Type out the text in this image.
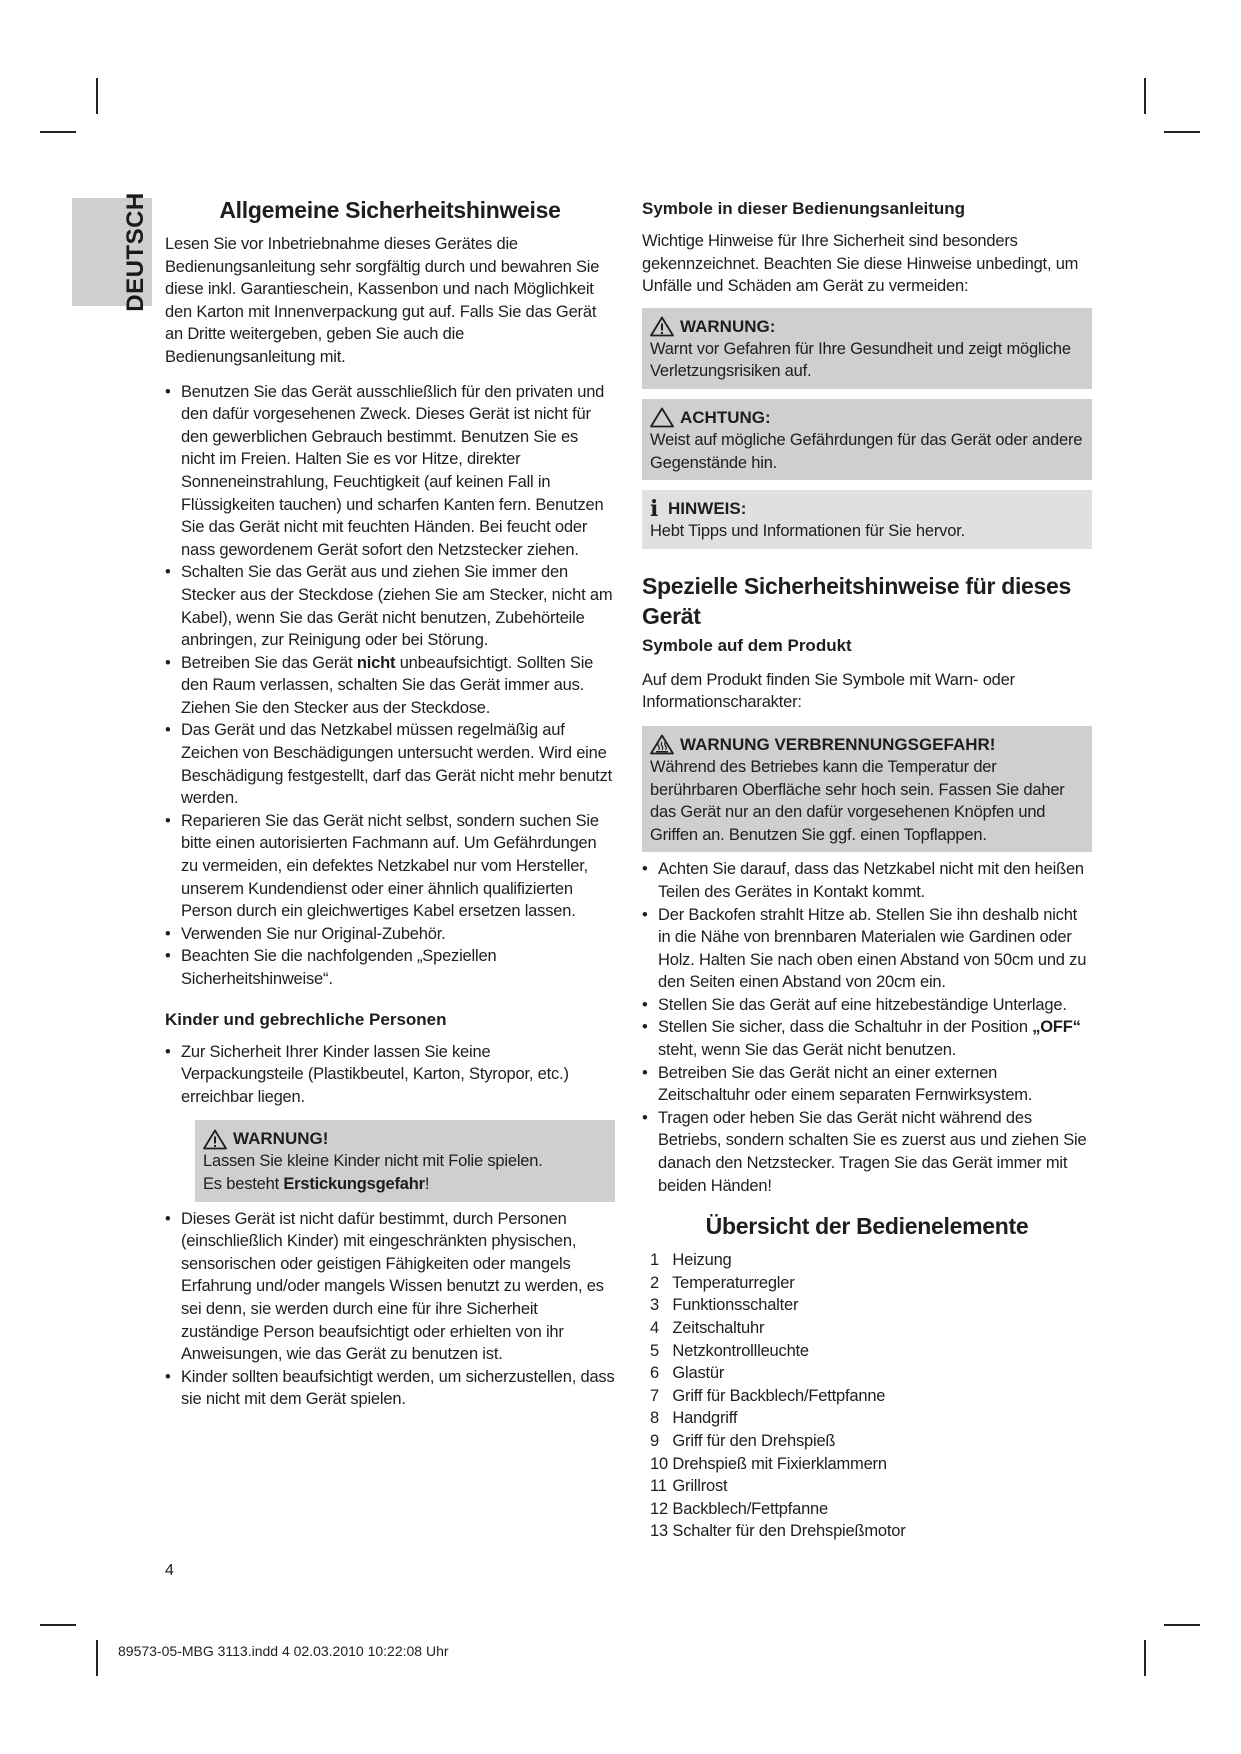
DEUTSCH	Allgemeine Sicherheitshinweise

Lesen Sie vor Inbetriebnahme dieses Gerätes die Bedienungsanleitung sehr sorgfältig durch und bewahren Sie diese inkl. Garantieschein, Kassenbon und nach Möglichkeit den Karton mit Innenverpackung gut auf. Falls Sie das Gerät an Dritte weitergeben, geben Sie auch die Bedienungsanleitung mit.

• Benutzen Sie das Gerät ausschließlich für den privaten und den dafür vorgesehenen Zweck. Dieses Gerät ist nicht für den gewerblichen Gebrauch bestimmt. Benutzen Sie es nicht im Freien. Halten Sie es vor Hitze, direkter Sonneneinstrahlung, Feuchtigkeit (auf keinen Fall in Flüssigkeiten tauchen) und scharfen Kanten fern. Benutzen Sie das Gerät nicht mit feuchten Händen. Bei feucht oder nass gewordenem Gerät sofort den Netzstecker ziehen.
• Schalten Sie das Gerät aus und ziehen Sie immer den Stecker aus der Steckdose (ziehen Sie am Stecker, nicht am Kabel), wenn Sie das Gerät nicht benutzen, Zubehörteile anbringen, zur Reinigung oder bei Störung.
• Betreiben Sie das Gerät nicht unbeaufsichtigt. Sollten Sie den Raum verlassen, schalten Sie das Gerät immer aus. Ziehen Sie den Stecker aus der Steckdose.
• Das Gerät und das Netzkabel müssen regelmäßig auf Zeichen von Beschädigungen untersucht werden. Wird eine Beschädigung festgestellt, darf das Gerät nicht mehr benutzt werden.
• Reparieren Sie das Gerät nicht selbst, sondern suchen Sie bitte einen autorisierten Fachmann auf. Um Gefährdungen zu vermeiden, ein defektes Netzkabel nur vom Hersteller, unserem Kundendienst oder einer ähnlich qualifizierten Person durch ein gleichwertiges Kabel ersetzen lassen.
• Verwenden Sie nur Original-Zubehör.
• Beachten Sie die nachfolgenden „Speziellen Sicherheitshinweise“.
Kinder und gebrechliche Personen
• Zur Sicherheit Ihrer Kinder lassen Sie keine Verpackungsteile (Plastikbeutel, Karton, Styropor, etc.) erreichbar liegen.
WARNUNG!
Lassen Sie kleine Kinder nicht mit Folie spielen.
Es besteht Erstickungsgefahr!
• Dieses Gerät ist nicht dafür bestimmt, durch Personen (einschließlich Kinder) mit eingeschränkten physischen, sensorischen oder geistigen Fähigkeiten oder mangels Erfahrung und/oder mangels Wissen benutzt zu werden, es sei denn, sie werden durch eine für ihre Sicherheit zuständige Person beaufsichtigt oder erhielten von ihr Anweisungen, wie das Gerät zu benutzen ist.
• Kinder sollten beaufsichtigt werden, um sicherzustellen, dass sie nicht mit dem Gerät spielen.
Symbole in dieser Bedienungsanleitung

Wichtige Hinweise für Ihre Sicherheit sind besonders gekennzeichnet. Beachten Sie diese Hinweise unbedingt, um Unfälle und Schäden am Gerät zu vermeiden:

WARNUNG:
Warnt vor Gefahren für Ihre Gesundheit und zeigt mögliche Verletzungsrisiken auf.
ACHTUNG:
Weist auf mögliche Gefährdungen für das Gerät oder andere Gegenstände hin.
i HINWEIS:
Hebt Tipps und Informationen für Sie hervor.
Spezielle Sicherheitshinweise für dieses Gerät
Symbole auf dem Produkt

Auf dem Produkt finden Sie Symbole mit Warn- oder Informationscharakter:

WARNUNG VERBRENNUNGSGEFAHR!
Während des Betriebes kann die Temperatur der berührbaren Oberfläche sehr hoch sein. Fassen Sie daher das Gerät nur an den dafür vorgesehenen Knöpfen und Griffen an. Benutzen Sie ggf. einen Topflappen.
• Achten Sie darauf, dass das Netzkabel nicht mit den heißen Teilen des Gerätes in Kontakt kommt.
• Der Backofen strahlt Hitze ab. Stellen Sie ihn deshalb nicht in die Nähe von brennbaren Materialen wie Gardinen oder Holz. Halten Sie nach oben einen Abstand von 50cm und zu den Seiten einen Abstand von 20cm ein.
• Stellen Sie das Gerät auf eine hitzebeständige Unterlage.
• Stellen Sie sicher, dass die Schaltuhr in der Position „OFF“ steht, wenn Sie das Gerät nicht benutzen.
• Betreiben Sie das Gerät nicht an einer externen Zeitschaltuhr oder einem separaten Fernwirksystem.
• Tragen oder heben Sie das Gerät nicht während des Betriebs, sondern schalten Sie es zuerst aus und ziehen Sie danach den Netzstecker. Tragen Sie das Gerät immer mit beiden Händen!
Übersicht der Bedienelemente
1 Heizung
2 Temperaturregler
3 Funktionsschalter
4 Zeitschaltuhr
5 Netzkontrollleuchte
6 Glastür
7 Griff für Backblech/Fettpfanne
8 Handgriff
9 Griff für den Drehspieß
10 Drehspieß mit Fixierklammern
11 Grillrost
12 Backblech/Fettpfanne
13 Schalter für den Drehspießmotor
4
89573-05-MBG 3113.indd 4 02.03.2010 10:22:08 Uhr
